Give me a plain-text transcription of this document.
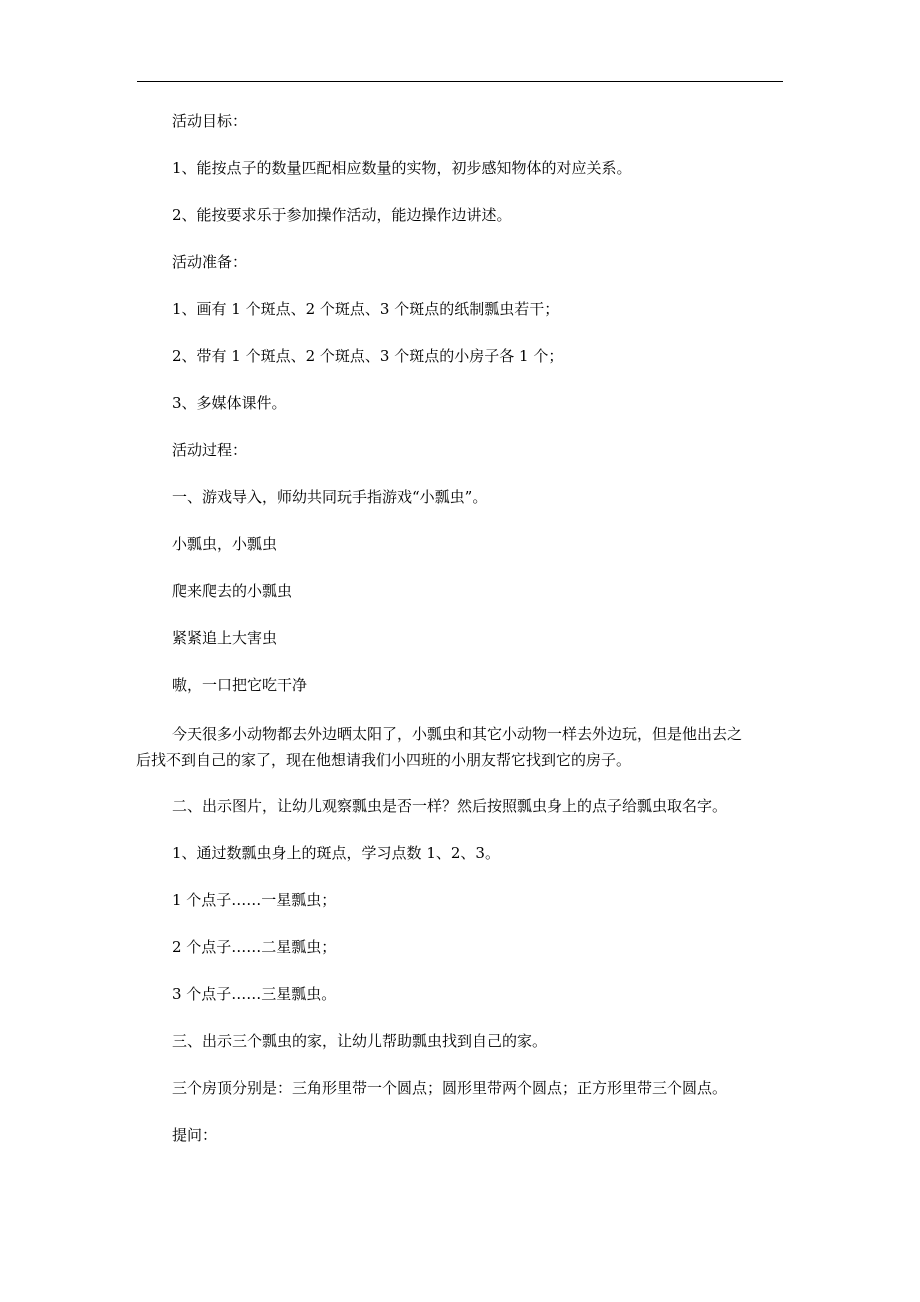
活动目标：
1、能按点子的数量匹配相应数量的实物，初步感知物体的对应关系。
2、能按要求乐于参加操作活动，能边操作边讲述。
活动准备：
1、画有 1 个斑点、2 个斑点、3 个斑点的纸制瓢虫若干；
2、带有 1 个斑点、2 个斑点、3 个斑点的小房子各 1 个；
3、多媒体课件。
活动过程：
一、游戏导入，师幼共同玩手指游戏“小瓢虫”。
小瓢虫，小瓢虫
爬来爬去的小瓢虫
紧紧追上大害虫
嗷，一口把它吃干净
今天很多小动物都去外边晒太阳了，小瓢虫和其它小动物一样去外边玩，但是他出去之后找不到自己的家了，现在他想请我们小四班的小朋友帮它找到它的房子。
二、出示图片，让幼儿观察瓢虫是否一样？然后按照瓢虫身上的点子给瓢虫取名字。
1、通过数瓢虫身上的斑点，学习点数 1、2、3。
1 个点子……一星瓢虫；
2 个点子……二星瓢虫；
3 个点子……三星瓢虫。
三、出示三个瓢虫的家，让幼儿帮助瓢虫找到自己的家。
三个房顶分别是：三角形里带一个圆点；圆形里带两个圆点；正方形里带三个圆点。
提问：
